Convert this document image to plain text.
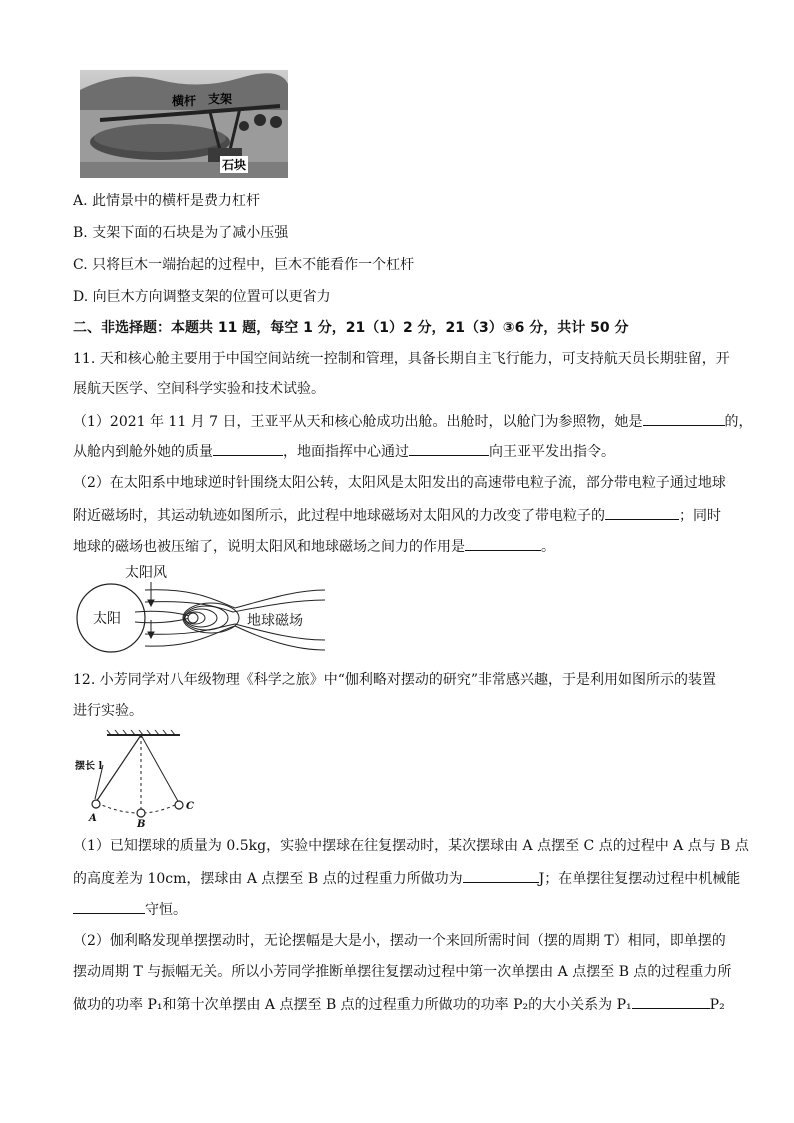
横杆 支架
石块
A. 此情景中的横杆是费力杠杆
B. 支架下面的石块是为了减小压强
C. 只将巨木一端抬起的过程中，巨木不能看作一个杠杆
D. 向巨木方向调整支架的位置可以更省力
二、非选择题：本题共 11 题，每空 1 分，21（1）2 分，21（3）③6 分，共计 50 分
11. 天和核心舱主要用于中国空间站统一控制和管理，具备长期自主飞行能力，可支持航天员长期驻留，开
展航天医学、空间科学实验和技术试验。
（1）2021 年 11 月 7 日，王亚平从天和核心舱成功出舱。出舱时，以舱门为参照物，她是	的，
从舱内到舱外她的质量	，地面指挥中心通过	向王亚平发出指令。
（2）在太阳系中地球逆时针围绕太阳公转，太阳风是太阳发出的高速带电粒子流，部分带电粒子通过地球
附近磁场时，其运动轨迹如图所示，此过程中地球磁场对太阳风的力改变了带电粒子的	；同时
地球的磁场也被压缩了，说明太阳风和地球磁场之间力的作用是	。
太阳
太阳风
地球磁场
12. 小芳同学对八年级物理《科学之旅》中“伽利略对摆动的研究”非常感兴趣，于是利用如图所示的装置
进行实验。
摆长 l
A
B
C
（1）已知摆球的质量为 0.5kg，实验中摆球在往复摆动时，某次摆球由 A 点摆至 C 点的过程中 A 点与 B 点
的高度差为 10cm，摆球由 A 点摆至 B 点的过程重力所做功为	J；在单摆往复摆动过程中机械能
守恒。
（2）伽利略发现单摆摆动时，无论摆幅是大是小，摆动一个来回所需时间（摆的周期 T）相同，即单摆的
摆动周期 T 与振幅无关。所以小芳同学推断单摆往复摆动过程中第一次单摆由 A 点摆至 B 点的过程重力所
做功的功率 P₁和第十次单摆由 A 点摆至 B 点的过程重力所做功的功率 P₂的大小关系为 P₁	P₂
